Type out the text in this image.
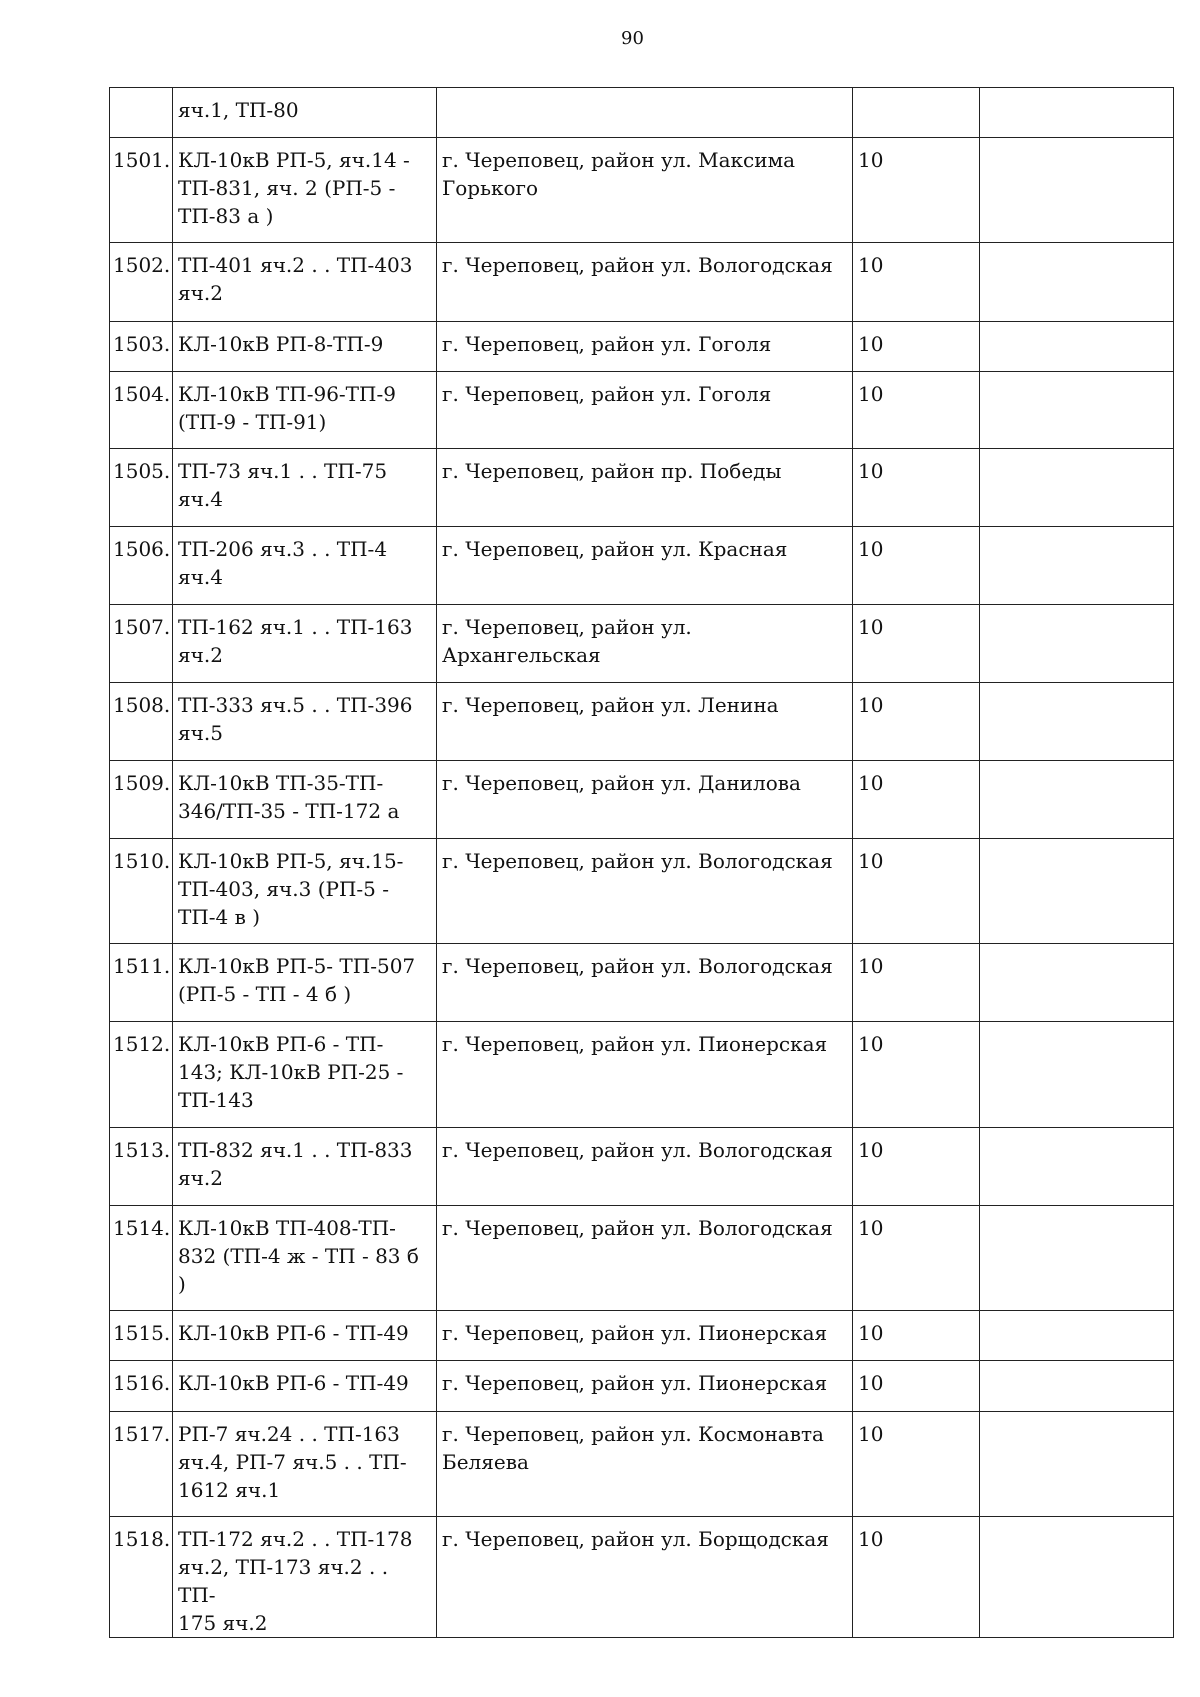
90
	яч.1, ТП-80			
1501.	КЛ-10кВ РП-5, яч.14 -
ТП-831, яч. 2 (РП-5 -
ТП-83 а )	г. Череповец, район ул. Максима
Горького	10	
1502.	ТП-401 яч.2 . . ТП-403
яч.2	г. Череповец, район ул. Вологодская	10	
1503.	КЛ-10кВ РП-8-ТП-9	г. Череповец, район ул. Гоголя	10	
1504.	КЛ-10кВ ТП-96-ТП-9
(ТП-9 - ТП-91)	г. Череповец, район ул. Гоголя	10	
1505.	ТП-73 яч.1 . . ТП-75
яч.4	г. Череповец, район пр. Победы	10	
1506.	ТП-206 яч.3 . . ТП-4
яч.4	г. Череповец, район ул. Красная	10	
1507.	ТП-162 яч.1 . . ТП-163
яч.2	г. Череповец, район ул. Архангельская	10	
1508.	ТП-333 яч.5 . . ТП-396
яч.5	г. Череповец, район ул. Ленина	10	
1509.	КЛ-10кВ ТП-35-ТП-
346/ТП-35 - ТП-172 а	г. Череповец, район ул. Данилова	10	
1510.	КЛ-10кВ РП-5, яч.15-
ТП-403, яч.3 (РП-5 -
ТП-4 в )	г. Череповец, район ул. Вологодская	10	
1511.	КЛ-10кВ РП-5- ТП-507
(РП-5 - ТП - 4 б )	г. Череповец, район ул. Вологодская	10	
1512.	КЛ-10кВ РП-6 - ТП-
143; КЛ-10кВ РП-25 -
ТП-143	г. Череповец, район ул. Пионерская	10	
1513.	ТП-832 яч.1 . . ТП-833
яч.2	г. Череповец, район ул. Вологодская	10	
1514.	КЛ-10кВ ТП-408-ТП-
832 (ТП-4 ж - ТП - 83 б
)	г. Череповец, район ул. Вологодская	10	
1515.	КЛ-10кВ РП-6 - ТП-49	г. Череповец, район ул. Пионерская	10	
1516.	КЛ-10кВ РП-6 - ТП-49	г. Череповец, район ул. Пионерская	10	
1517.	РП-7 яч.24 . . ТП-163
яч.4, РП-7 яч.5 . . ТП-
1612 яч.1	г. Череповец, район ул. Космонавта
Беляева	10	
1518.	ТП-172 яч.2 . . ТП-178
яч.2, ТП-173 яч.2 . . ТП-
175 яч.2	г. Череповец, район ул. Борщодская	10	
